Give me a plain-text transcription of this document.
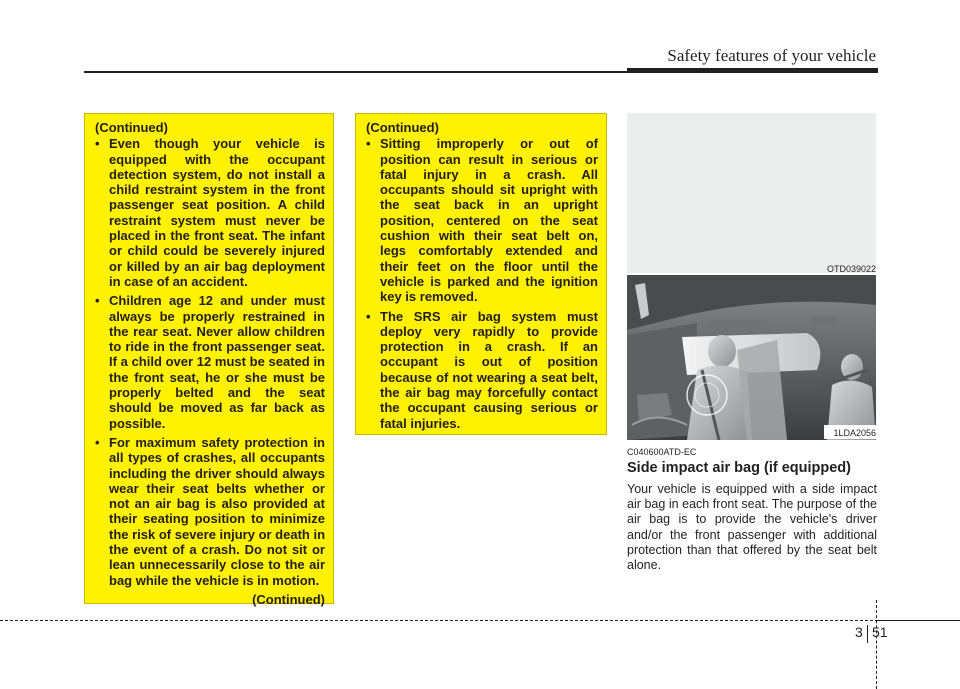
Safety features of your vehicle
(Continued)
• Even though your vehicle is equipped with the occupant detection system, do not install a child restraint system in the front passenger seat position. A child restraint system must never be placed in the front seat. The infant or child could be severely injured or killed by an air bag deployment in case of an accident.
• Children age 12 and under must always be properly restrained in the rear seat. Never allow children to ride in the front passenger seat. If a child over 12 must be seated in the front seat, he or she must be properly belted and the seat should be moved as far back as possible.
• For maximum safety protection in all types of crashes, all occupants including the driver should always wear their seat belts whether or not an air bag is also provided at their seating position to minimize the risk of severe injury or death in the event of a crash. Do not sit or lean unnecessarily close to the air bag while the vehicle is in motion.
(Continued)
(Continued)
• Sitting improperly or out of position can result in serious or fatal injury in a crash. All occupants should sit upright with the seat back in an upright position, centered on the seat cushion with their seat belt on, legs comfortably extended and their feet on the floor until the vehicle is parked and the ignition key is removed.
• The SRS air bag system must deploy very rapidly to provide protection in a crash. If an occupant is out of position because of not wearing a seat belt, the air bag may forcefully contact the occupant causing serious or fatal injuries.
OTD039022
1LDA2056
C040600ATD-EC
Side impact air bag (if equipped)
Your vehicle is equipped with a side impact air bag in each front seat. The purpose of the air bag is to provide the vehicle's driver and/or the front passenger with additional protection than that offered by the seat belt alone.
3 51
